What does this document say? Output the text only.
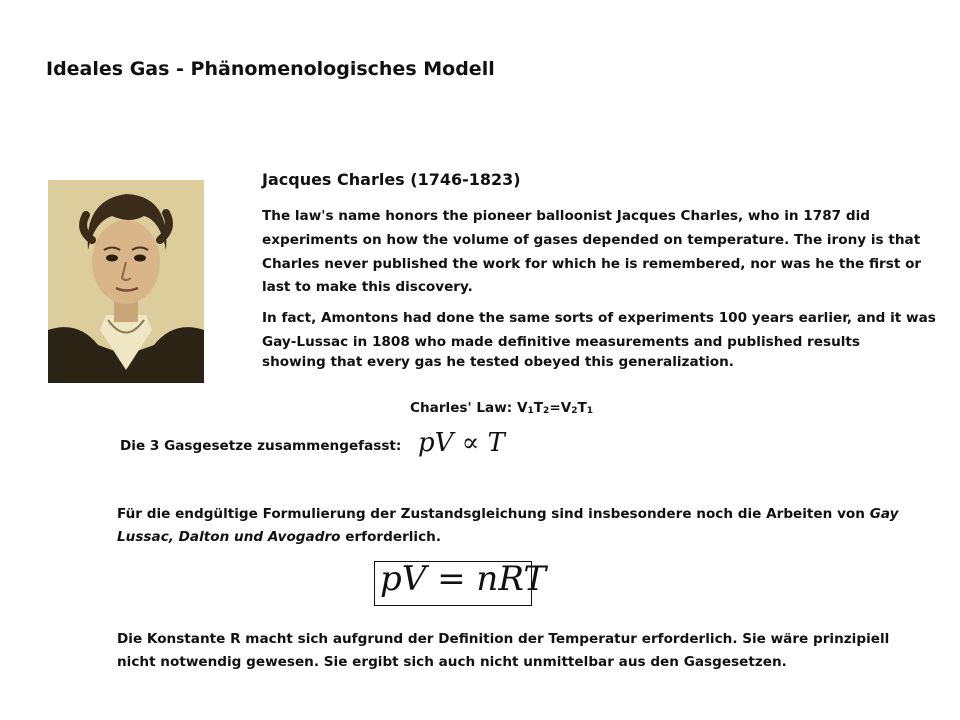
Ideales Gas - Phänomenologisches Modell
Jacques Charles (1746-1823)
The law's name honors the pioneer balloonist Jacques Charles, who in 1787 did experiments on how the volume of gases depended on temperature. The irony is that Charles never published the work for which he is remembered, nor was he the first or last to make this discovery.
In fact, Amontons had done the same sorts of experiments 100 years earlier, and it was Gay-Lussac in 1808 who made definitive measurements and published results
showing that every gas he tested obeyed this generalization.
Charles' Law: $V_1T_2=V_2T_1$
Die 3 Gasgesetze zusammengefasst: pV ∝ T
Für die endgültige Formulierung der Zustandsgleichung sind insbesondere noch die Arbeiten von Gay Lussac, Dalton und Avogadro erforderlich.
pV = nRT
Die Konstante R macht sich aufgrund der Definition der Temperatur erforderlich. Sie wäre prinzipiell nicht notwendig gewesen. Sie ergibt sich auch nicht unmittelbar aus den Gasgesetzen.
